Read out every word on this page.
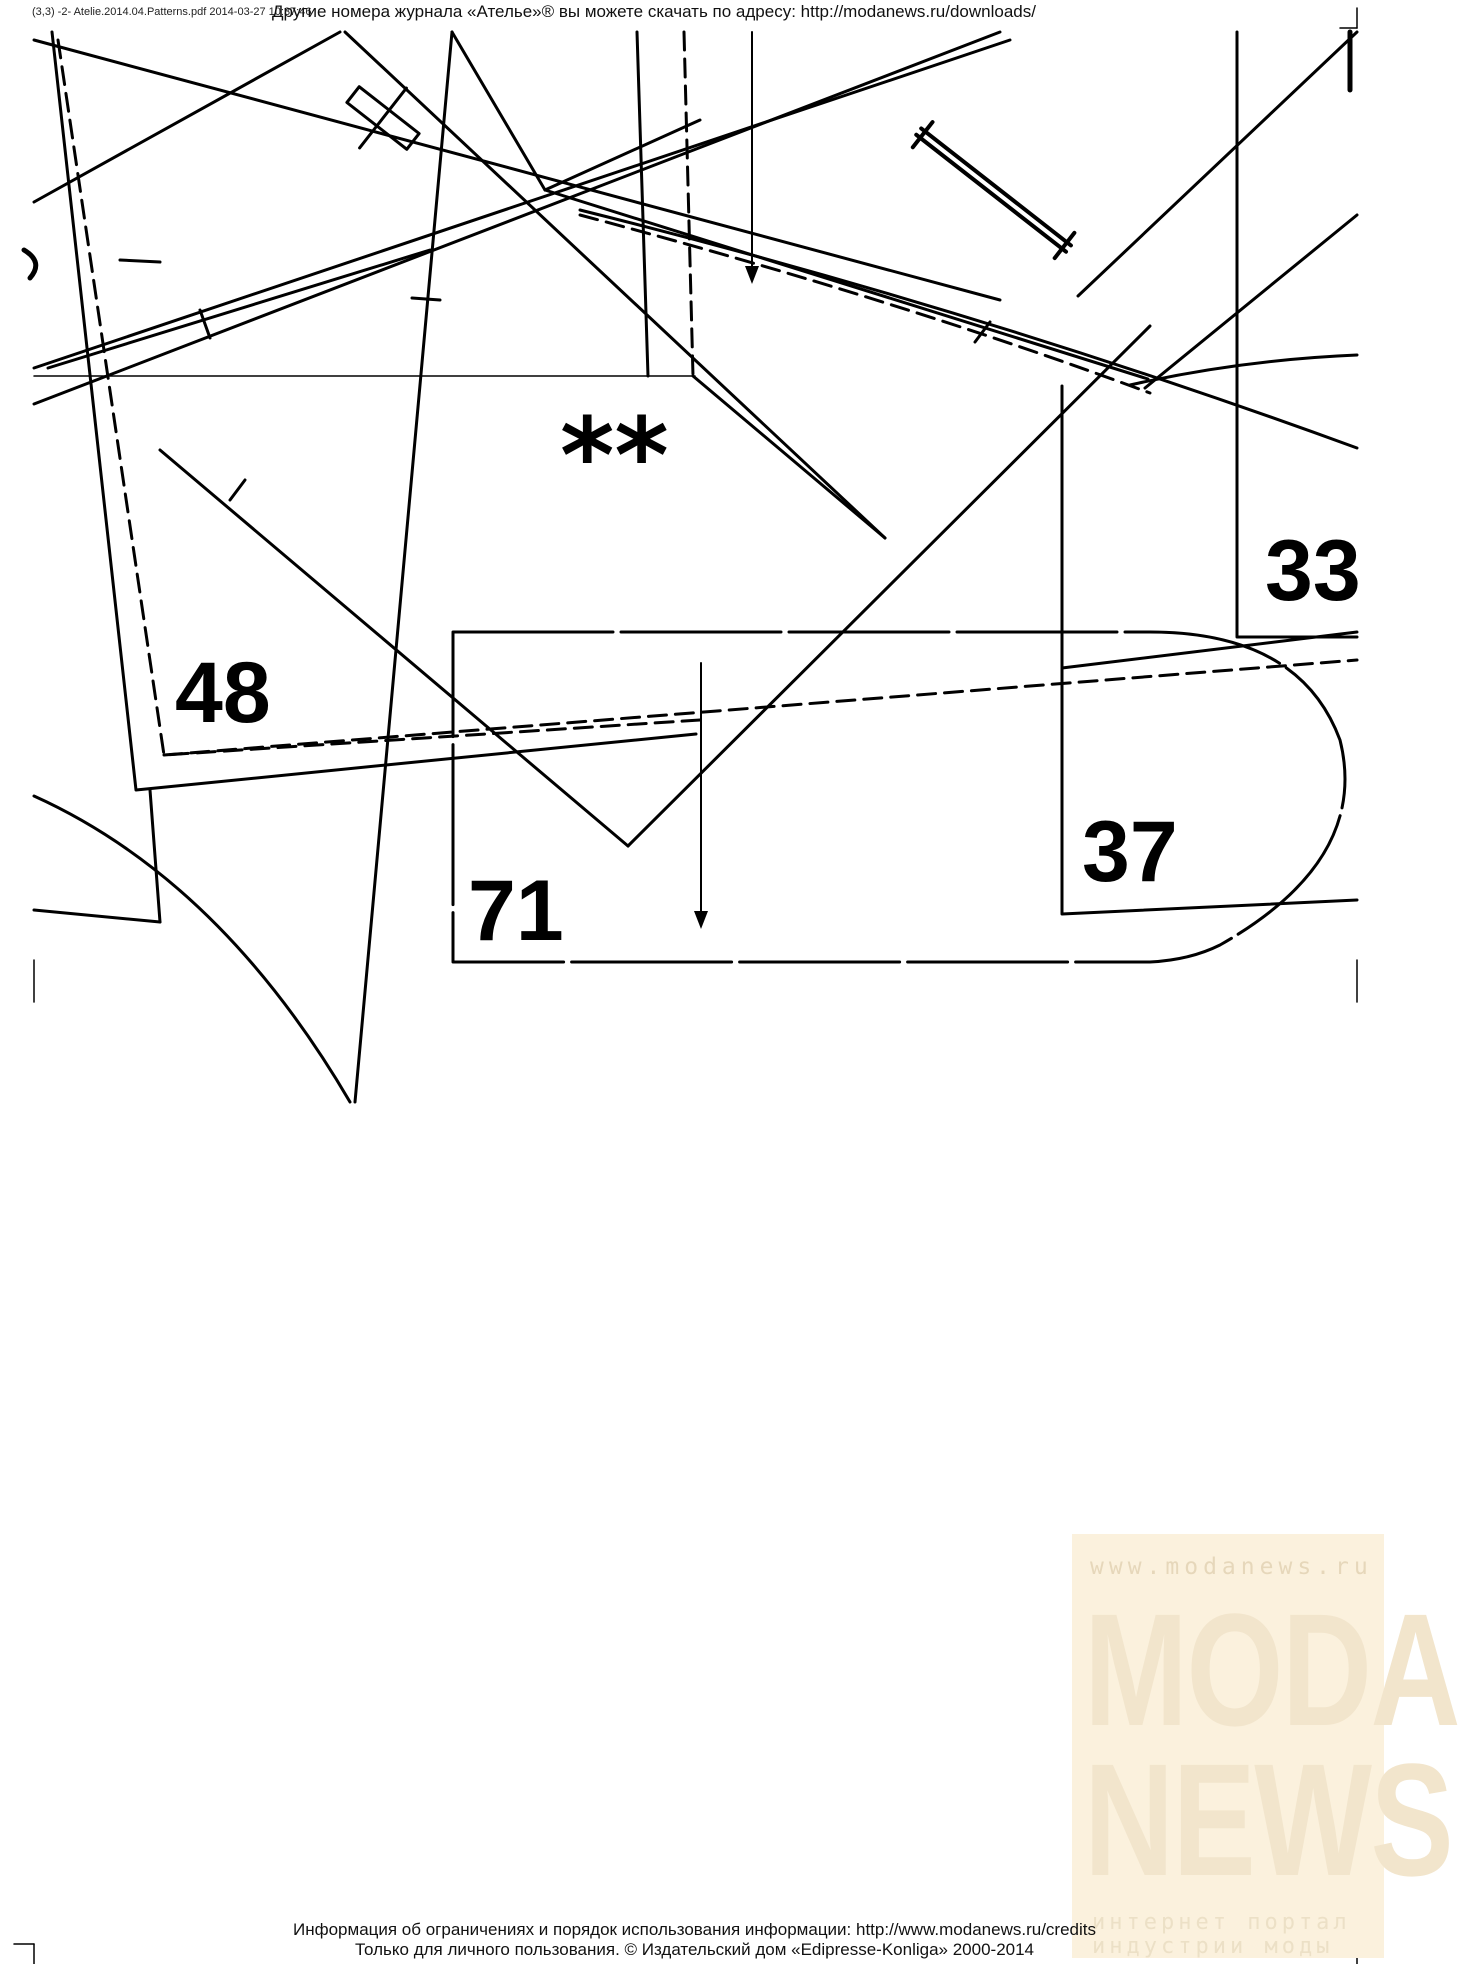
(3,3) -2- Atelie.2014.04.Patterns.pdf 2014-03-27 10:37:46
Другие номера журнала «Ателье»® вы можете скачать по адресу: http://modanews.ru/downloads/
48
71
37
33
**
www.modanews.ru
MODA
NEWS
интернет портал
индустрии моды
Информация об ограничениях и порядок использования информации: http://www.modanews.ru/credits
Только для личного пользования. © Издательский дом «Edipresse-Konliga» 2000-2014
